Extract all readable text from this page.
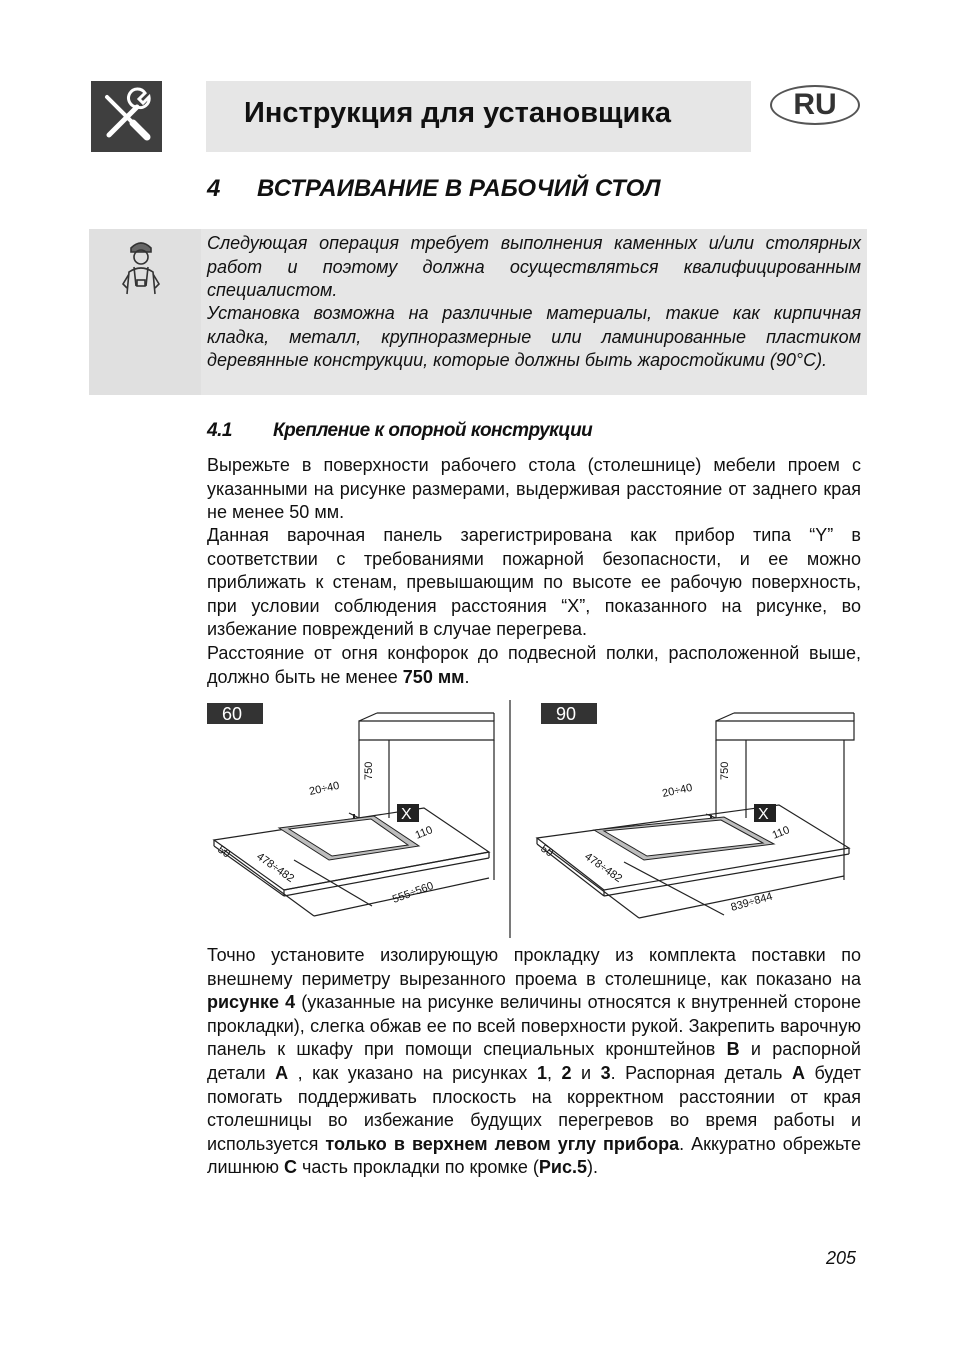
Инструкция для установщика	RU
4 ВСТРАИВАНИЕ В РАБОЧИЙ СТОЛ
Следующая операция требует выполнения каменных и/или столярных работ и поэтому должна осуществляться квалифицированным специалистом.
Установка возможна на различные материалы, такие как кирпичная кладка, металл, крупноразмерные или ламинированные пластиком деревянные конструкции, которые должны быть жаростойкими (90°C).
4.1 Крепление к опорной конструкции
Вырежьте в поверхности рабочего стола (столешнице) мебели проем с указанными на рисунке размерами, выдерживая расстояние от заднего края не менее 50 мм.
Данная варочная панель зарегистрирована как прибор типа “Y” в соответствии с требованиями пожарной безопасности, и ее можно приближать к стенам, превышающим по высоте ее рабочую поверхность, при условии соблюдения расстояния “X”, показанного на рисунке, во избежание повреждений в случае перегрева.
Расстояние от огня конфорок до подвесной полки, расположенной выше, должно быть не менее 750 мм.
60
X
20÷40
750
110
50 478÷482
555÷560
90
X
20÷40
750
110
50 478÷482
839÷844
Точно установите изолирующую прокладку из комплекта поставки по внешнему периметру вырезанного проема в столешнице, как показано на рисунке 4 (указанные на рисунке величины относятся к внутренней стороне прокладки), слегка обжав ее по всей поверхности рукой. Закрепить варочную панель к шкафу при помощи специальных кронштейнов B и распорной детали A , как указано на рисунках 1, 2 и 3. Распорная деталь A будет помогать поддерживать плоскость на корректном расстоянии от края столешницы во избежание будущих перегревов во время работы и используется только в верхнем левом углу прибора. Аккуратно обрежьте лишнюю C часть прокладки по кромке (Рис.5).
205
